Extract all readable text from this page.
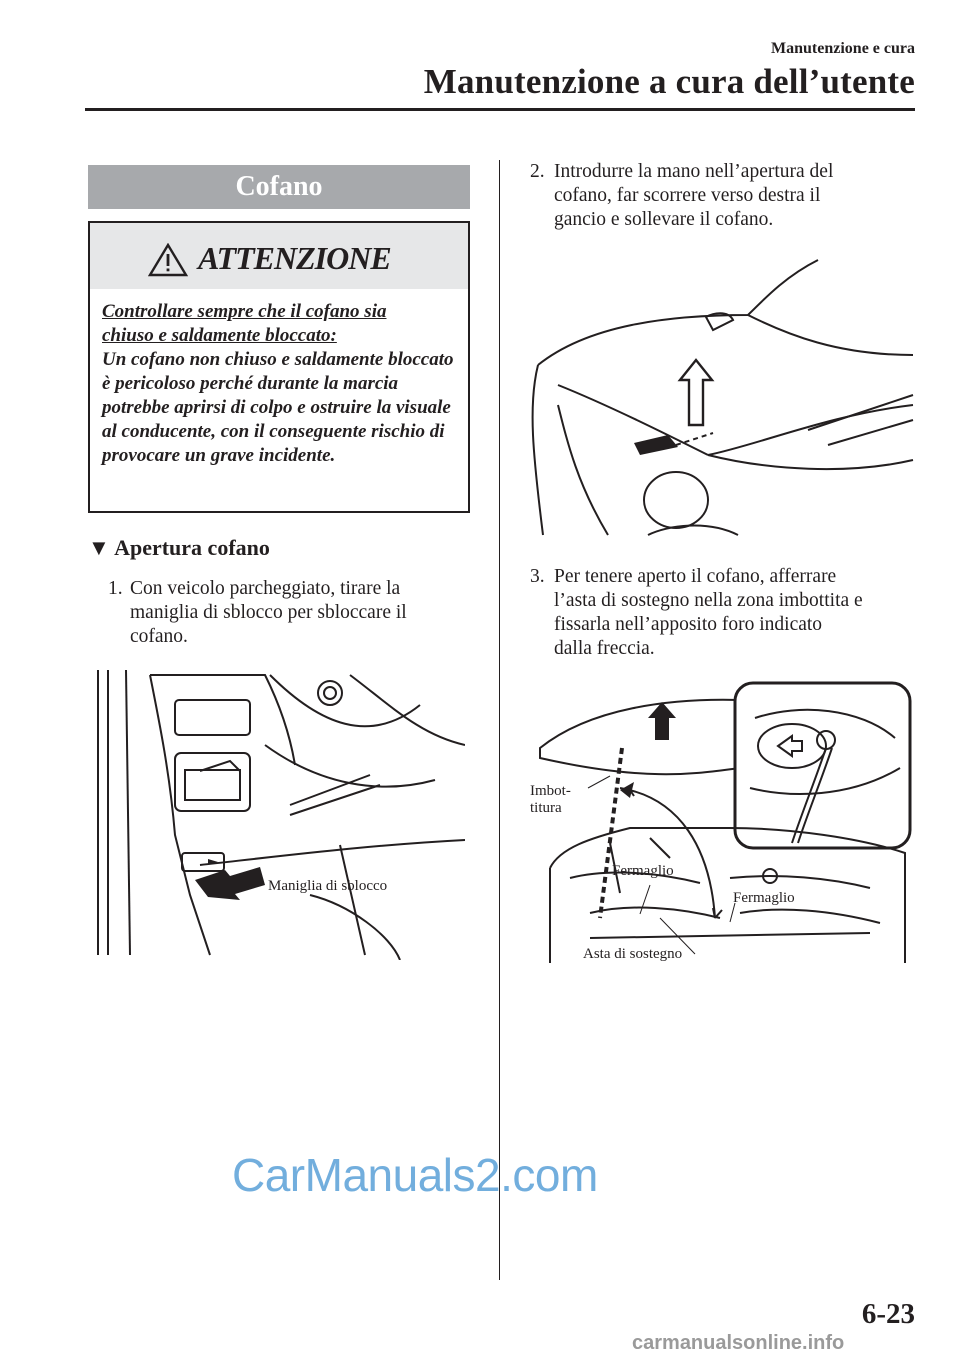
Manutenzione e cura
Manutenzione a cura dell’utente
Cofano
ATTENZIONE
Controllare sempre che il cofano sia
chiuso e saldamente bloccato:
Un cofano non chiuso e saldamente bloccato è pericoloso perché durante la marcia potrebbe aprirsi di colpo e ostruire la visuale al conducente, con il conseguente rischio di provocare un grave incidente.
▼ Apertura cofano
1. Con veicolo parcheggiato, tirare la
maniglia di sblocco per sbloccare il
cofano.
Maniglia di sblocco
2. Introdurre la mano nell’apertura del
cofano, far scorrere verso destra il
gancio e sollevare il cofano.
3. Per tenere aperto il cofano, afferrare
l’asta di sostegno nella zona imbottita e
fissarla nell’apposito foro indicato
dalla freccia.
Imbot-
titura
Fermaglio
Fermaglio
Asta di sostegno
CarManuals2.com
6-23
carmanualsonline.info
